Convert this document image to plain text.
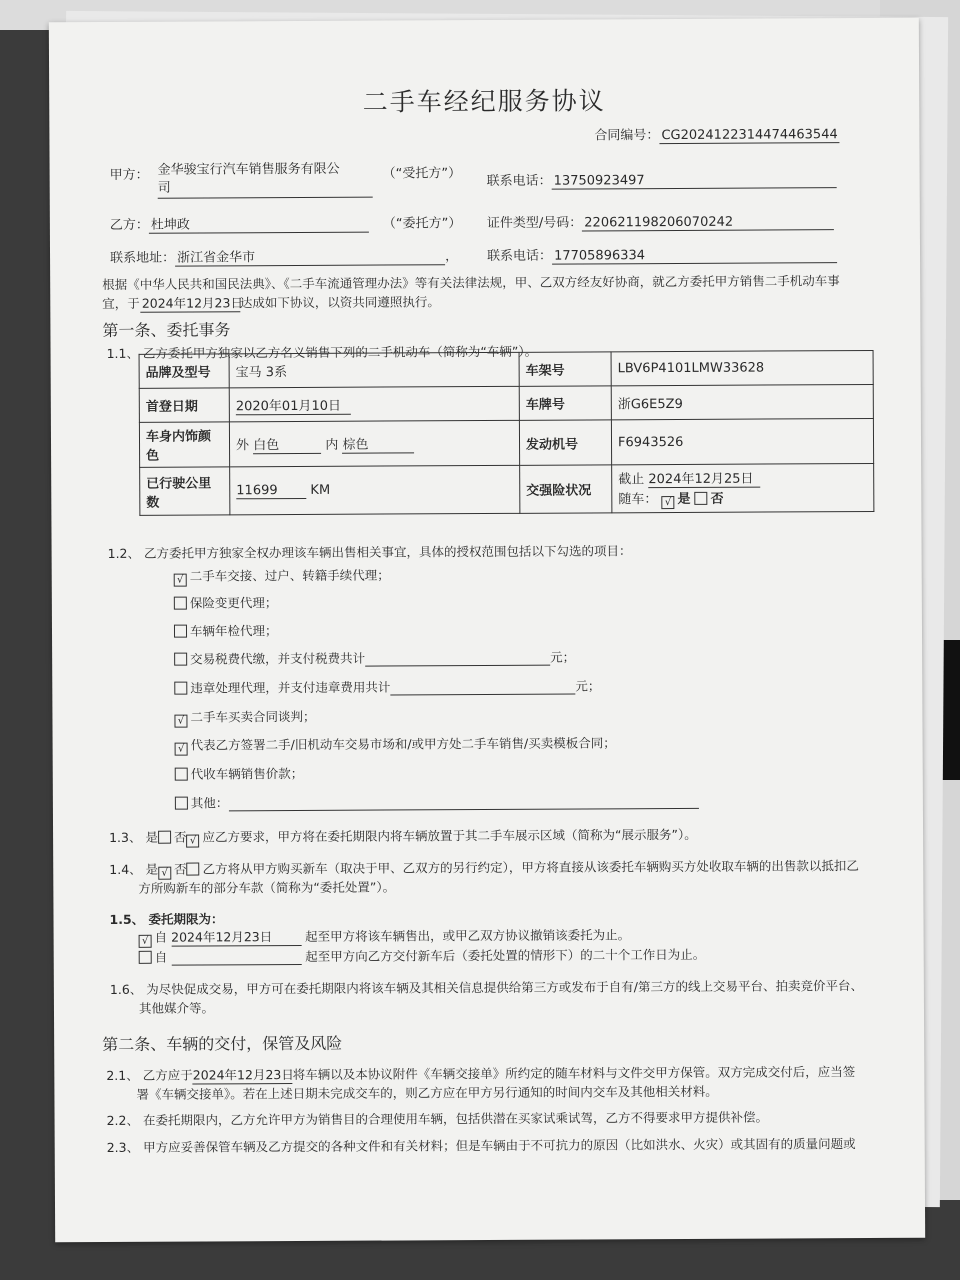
二手车经纪服务协议
合同编号： CG2024122314474463544
甲方： 金华骏宝行汽车销售服务有限公
司
（“受托方”） 联系电话： 13750923497
乙方： 杜坤政	（“委托方”） 证件类型/号码： 220621198206070242
联系地址： 浙江省金华市	， 联系电话： 17705896334
根据《中华人民共和国民法典》、《二手车流通管理办法》等有关法律法规，甲、乙双方经友好协商，就乙方委托甲方销售二手机动车事
宜，于 2024年12月23日达成如下协议，以资共同遵照执行。
第一条、委托事务
1.1、 乙方委托甲方独家以乙方名义销售下列的二手机动车（简称为“车辆”）。
品牌及型号	宝马 3系	车架号	LBV6P4101LMW33628
首登日期	2020年01月10日	车牌号	浙G6E5Z9
车身内饰颜色	外 白色 内 棕色	发动机号	F6943526
已行驶公里数	11699 KM	交强险状况	截止 2024年12月25日
随车： √ 是 否
1.2、 乙方委托甲方独家全权办理该车辆出售相关事宜，具体的授权范围包括以下勾选的项目：
√ 二手车交接、过户、转籍手续代理；
保险变更代理；
车辆年检代理；
交易税费代缴，并支付税费共计	元；
违章处理代理，并支付违章费用共计	元；
√ 二手车买卖合同谈判；
√ 代表乙方签署二手/旧机动车交易市场和/或甲方处二手车销售/买卖模板合同；
代收车辆销售价款；
其他：
1.3、 是 否 √ 应乙方要求，甲方将在委托期限内将车辆放置于其二手车展示区域（简称为“展示服务”）。
1.4、 是 √ 否 乙方将从甲方购买新车（取决于甲、乙双方的另行约定），甲方将直接从该委托车辆购买方处收取车辆的出售款以抵扣乙
方所购新车的部分车款（简称为“委托处置”）。
1.5、 委托期限为：
√ 自 2024年12月23日	起至甲方将该车辆售出，或甲乙双方协议撤销该委托为止。
自	起至甲方向乙方交付新车后（委托处置的情形下）的二十个工作日为止。
1.6、 为尽快促成交易，甲方可在委托期限内将该车辆及其相关信息提供给第三方或发布于自有/第三方的线上交易平台、拍卖竞价平台、
其他媒介等。
第二条、车辆的交付，保管及风险
2.1、 乙方应于2024年12月23日将车辆以及本协议附件《车辆交接单》所约定的随车材料与文件交甲方保管。双方完成交付后，应当签
署《车辆交接单》。若在上述日期未完成交车的，则乙方应在甲方另行通知的时间内交车及其他相关材料。
2.2、 在委托期限内，乙方允许甲方为销售目的合理使用车辆，包括供潜在买家试乘试驾，乙方不得要求甲方提供补偿。
2.3、 甲方应妥善保管车辆及乙方提交的各种文件和有关材料；但是车辆由于不可抗力的原因（比如洪水、火灾）或其固有的质量问题或
